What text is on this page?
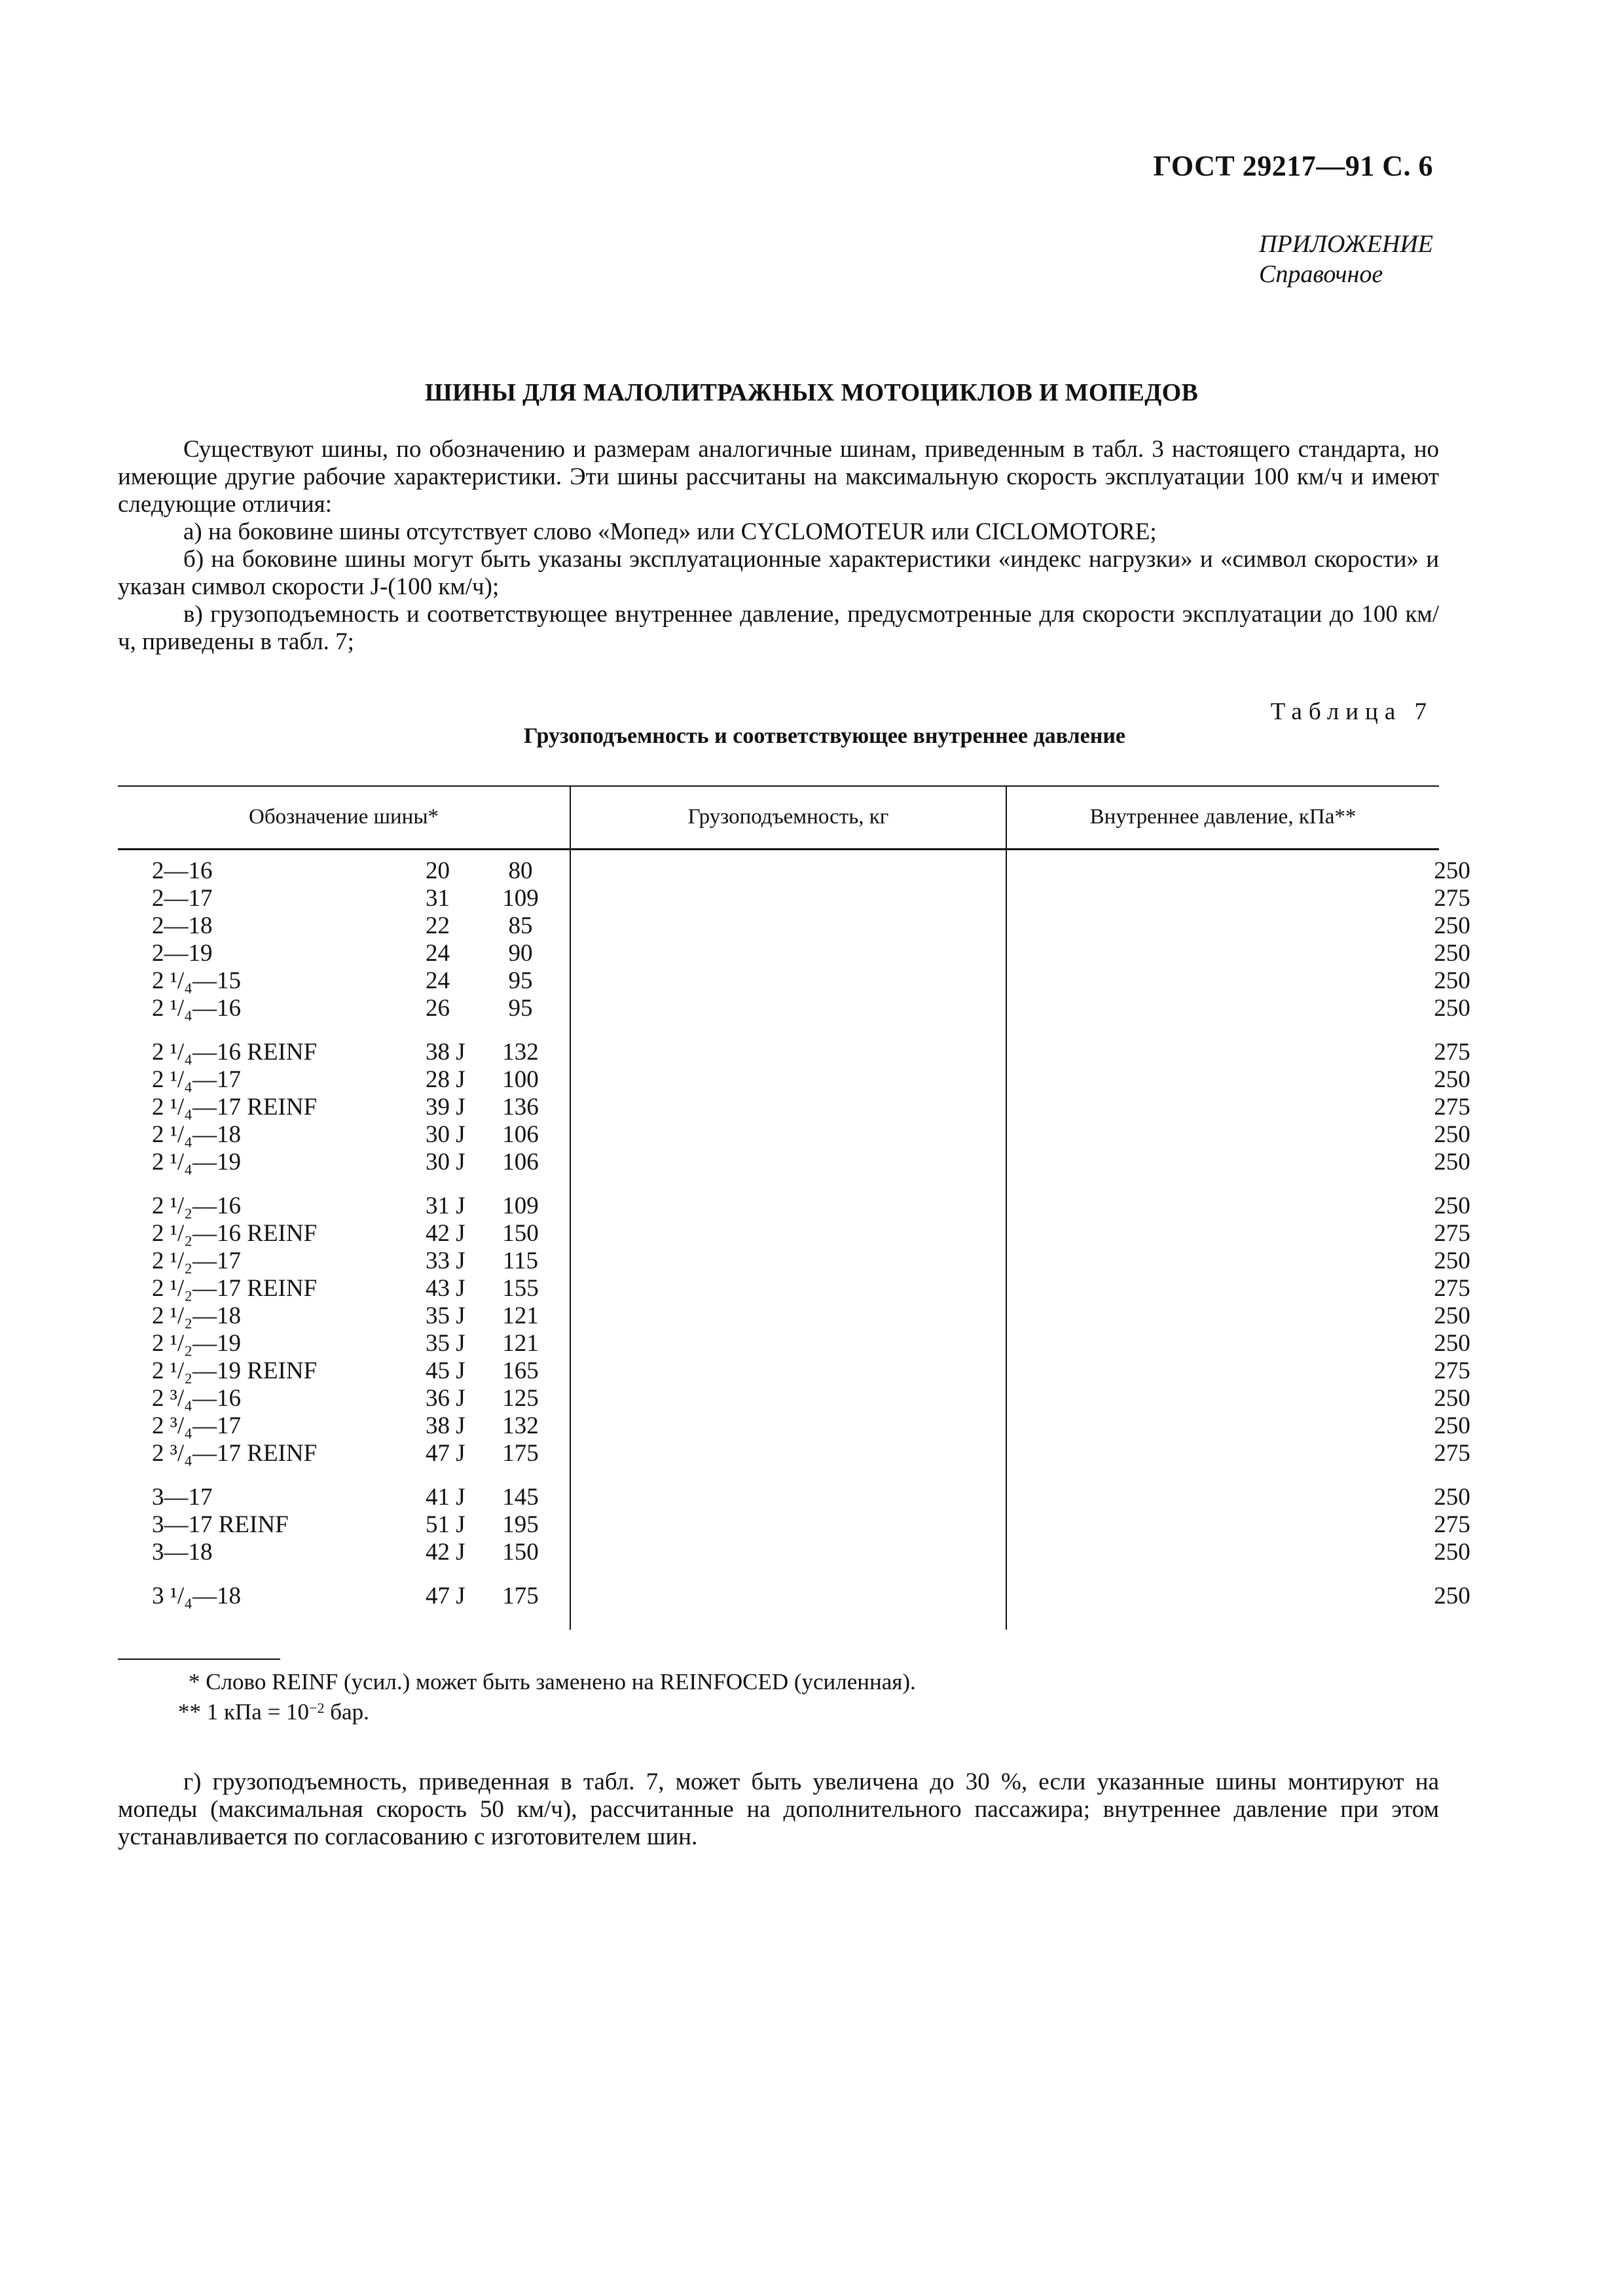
ГОСТ 29217—91 С. 6
ПРИЛОЖЕНИЕ
Справочное
ШИНЫ ДЛЯ МАЛОЛИТРАЖНЫХ МОТОЦИКЛОВ И МОПЕДОВ
Существуют шины, по обозначению и размерам аналогичные шинам, приведенным в табл. 3 настоящего стандарта, но имеющие другие рабочие характеристики. Эти шины рассчитаны на максимальную скорость эксплуатации 100 км/ч и имеют следующие отличия:
а) на боковине шины отсутствует слово «Мопед» или CYCLOMOTEUR или CICLOMOTORE;
б) на боковине шины могут быть указаны эксплуатационные характеристики «индекс нагрузки» и «символ скорости» и указан символ скорости J-(100 км/ч);
в) грузоподъемность и соответствующее внутреннее давление, предусмотренные для скорости эксплуатации до 100 км/ч, приведены в табл. 7;
Таблица 7
Грузоподъемность и соответствующее внутреннее давление
Обозначение шины*	Грузоподъемность, кг	Внутреннее давление, кПа**
2—16	20	80	250
2—17	31	109	275
2—18	22	85	250
2—19	24	90	250
2 ¹/₄—15	24	95	250
2 ¹/₄—16	26	95	250
2 ¹/₄—16 REINF	38 J	132	275
2 ¹/₄—17	28 J	100	250
2 ¹/₄—17 REINF	39 J	136	275
2 ¹/₄—18	30 J	106	250
2 ¹/₄—19	30 J	106	250
2 ¹/₂—16	31 J	109	250
2 ¹/₂—16 REINF	42 J	150	275
2 ¹/₂—17	33 J	115	250
2 ¹/₂—17 REINF	43 J	155	275
2 ¹/₂—18	35 J	121	250
2 ¹/₂—19	35 J	121	250
2 ¹/₂—19 REINF	45 J	165	275
2 ³/₄—16	36 J	125	250
2 ³/₄—17	38 J	132	250
2 ³/₄—17 REINF	47 J	175	275
3—17	41 J	145	250
3—17 REINF	51 J	195	275
3—18	42 J	150	250
3 ¹/₄—18	47 J	175	250
* Слово REINF (усил.) может быть заменено на REINFOCED (усиленная).
** 1 кПа = $10^{-2}$ бар.
г) грузоподъемность, приведенная в табл. 7, может быть увеличена до 30 %, если указанные шины монтируют на мопеды (максимальная скорость 50 км/ч), рассчитанные на дополнительного пассажира; внутреннее давление при этом устанавливается по согласованию с изготовителем шин.
